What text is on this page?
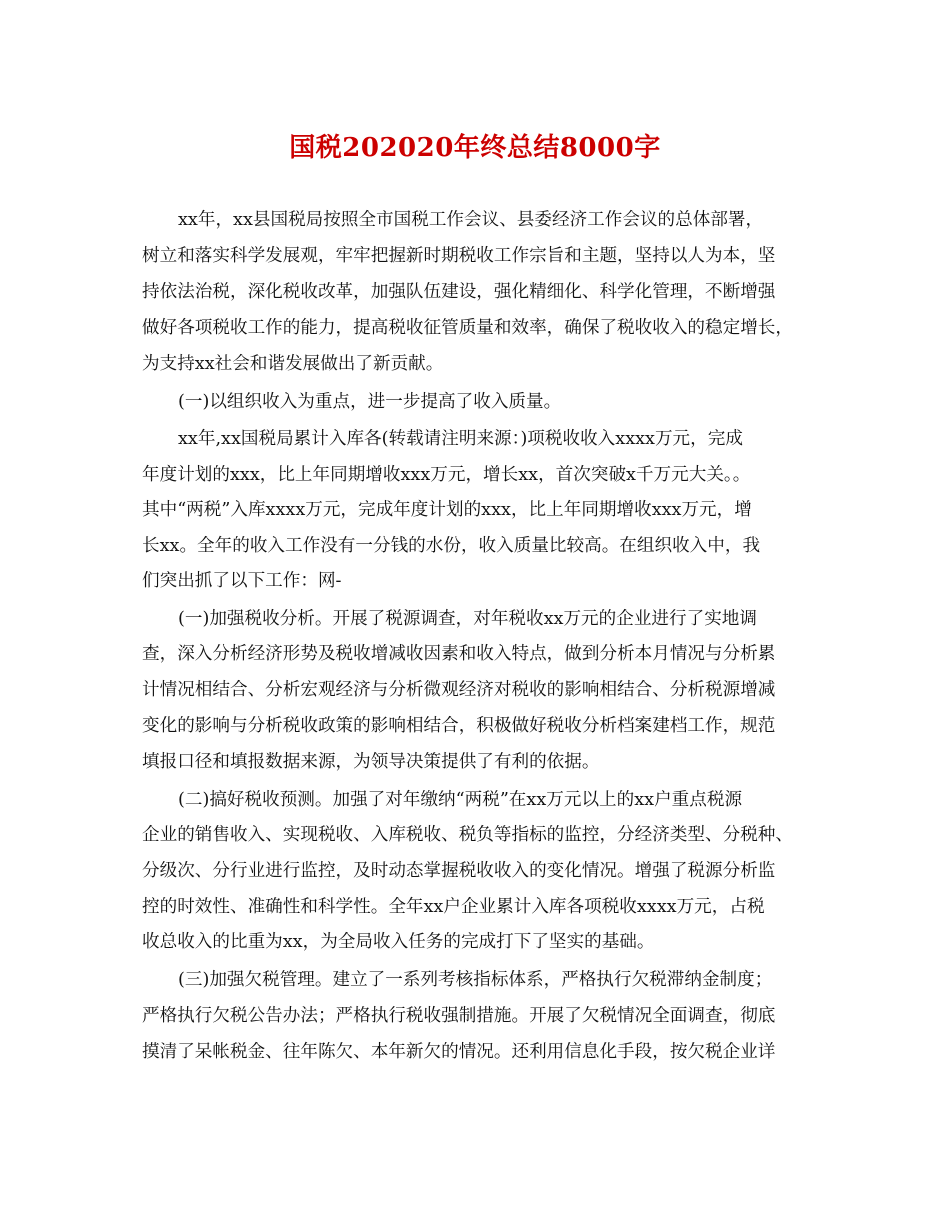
国税202020年终总结8000字
xx年，xx县国税局按照全市国税工作会议、县委经济工作会议的总体部署，
树立和落实科学发展观，牢牢把握新时期税收工作宗旨和主题，坚持以人为本，坚
持依法治税，深化税收改革，加强队伍建设，强化精细化、科学化管理，不断增强
做好各项税收工作的能力，提高税收征管质量和效率，确保了税收收入的稳定增长，
为支持xx社会和谐发展做出了新贡献。
(一)以组织收入为重点，进一步提高了收入质量。
xx年,xx国税局累计入库各(转载请注明来源：)项税收收入xxxx万元，完成
年度计划的xxx，比上年同期增收xxx万元，增长xx，首次突破x千万元大关。。
其中“两税”入库xxxx万元，完成年度计划的xxx，比上年同期增收xxx万元，增
长xx。全年的收入工作没有一分钱的水份，收入质量比较高。在组织收入中，我
们突出抓了以下工作：网-
(一)加强税收分析。开展了税源调查，对年税收xx万元的企业进行了实地调
查，深入分析经济形势及税收增减收因素和收入特点，做到分析本月情况与分析累
计情况相结合、分析宏观经济与分析微观经济对税收的影响相结合、分析税源增减
变化的影响与分析税收政策的影响相结合，积极做好税收分析档案建档工作，规范
填报口径和填报数据来源，为领导决策提供了有利的依据。
(二)搞好税收预测。加强了对年缴纳“两税”在xx万元以上的xx户重点税源
企业的销售收入、实现税收、入库税收、税负等指标的监控，分经济类型、分税种、
分级次、分行业进行监控，及时动态掌握税收收入的变化情况。增强了税源分析监
控的时效性、准确性和科学性。全年xx户企业累计入库各项税收xxxx万元，占税
收总收入的比重为xx，为全局收入任务的完成打下了坚实的基础。
(三)加强欠税管理。建立了一系列考核指标体系，严格执行欠税滞纳金制度；
严格执行欠税公告办法；严格执行税收强制措施。开展了欠税情况全面调查，彻底
摸清了呆帐税金、往年陈欠、本年新欠的情况。还利用信息化手段，按欠税企业详
